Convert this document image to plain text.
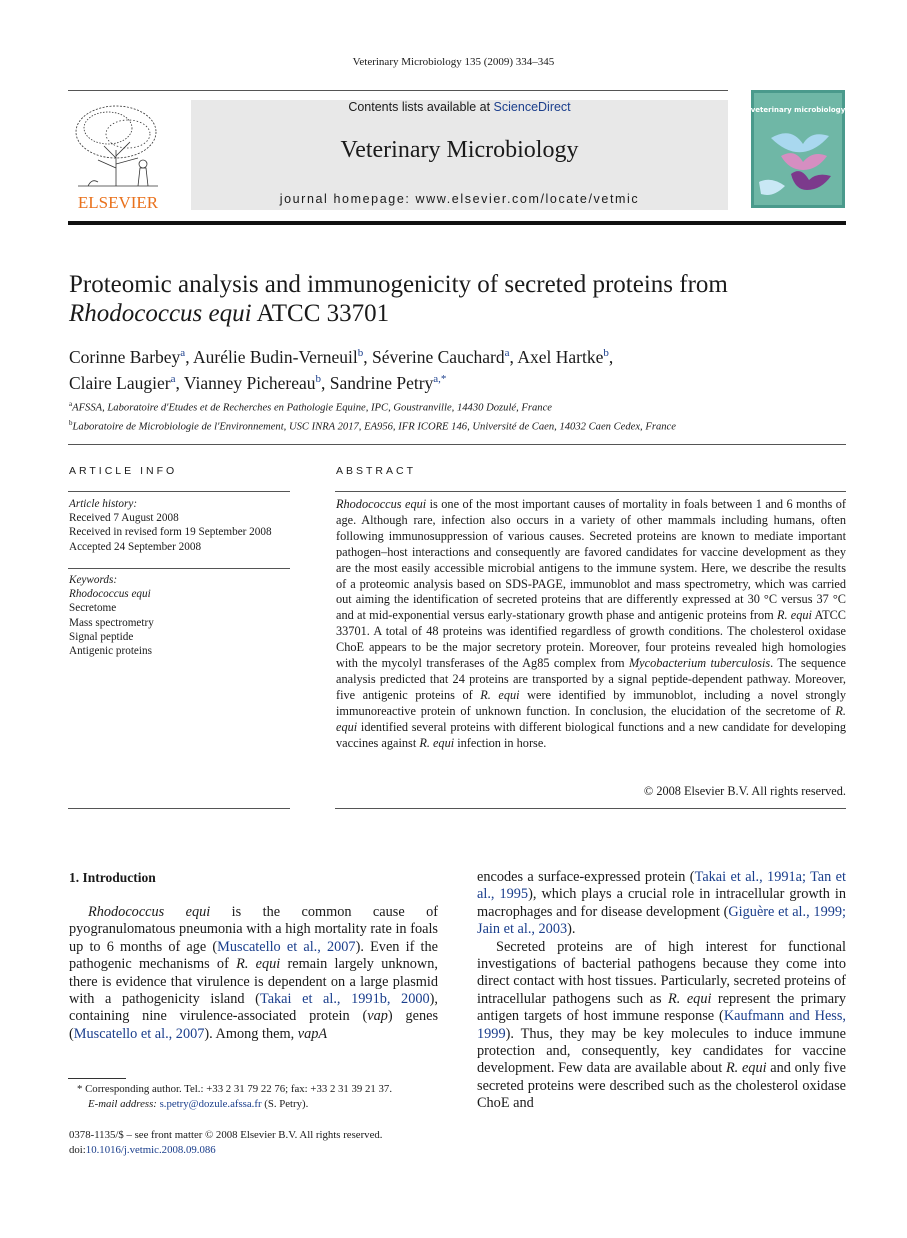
Veterinary Microbiology 135 (2009) 334–345
ELSEVIER
Contents lists available at ScienceDirect
Veterinary Microbiology
journal homepage: www.elsevier.com/locate/vetmic
veterinary microbiology
Proteomic analysis and immunogenicity of secreted proteins from
Rhodococcus equi ATCC 33701
Corinne Barbey$^a$, Aurélie Budin-Verneuil$^b$, Séverine Cauchard$^a$, Axel Hartke$^b$,
Claire Laugier$^a$, Vianney Pichereau$^b$, Sandrine Petry$^{a,*}$
$^a$AFSSA, Laboratoire d'Etudes et de Recherches en Pathologie Equine, IPC, Goustranville, 14430 Dozulé, France
$^b$Laboratoire de Microbiologie de l'Environnement, USC INRA 2017, EA956, IFR ICORE 146, Université de Caen, 14032 Caen Cedex, France
ARTICLE INFO
Article history:
Received 7 August 2008
Received in revised form 19 September 2008
Accepted 24 September 2008
Keywords:
Rhodococcus equi
Secretome
Mass spectrometry
Signal peptide
Antigenic proteins
ABSTRACT
Rhodococcus equi is one of the most important causes of mortality in foals between 1 and 6 months of age. Although rare, infection also occurs in a variety of other mammals including humans, often following immunosuppression of various causes. Secreted proteins are known to mediate important pathogen–host interactions and consequently are favored candidates for vaccine development as they are the most easily accessible microbial antigens to the immune system. Here, we describe the results of a proteomic analysis based on SDS-PAGE, immunoblot and mass spectrometry, which was carried out aiming the identification of secreted proteins that are differently expressed at 30 °C versus 37 °C and at mid-exponential versus early-stationary growth phase and antigenic proteins from R. equi ATCC 33701. A total of 48 proteins was identified regardless of growth conditions. The cholesterol oxidase ChoE appears to be the major secretory protein. Moreover, four proteins revealed high homologies with the mycolyl transferases of the Ag85 complex from Mycobacterium tuberculosis. The sequence analysis predicted that 24 proteins are transported by a signal peptide-dependent pathway. Moreover, five antigenic proteins of R. equi were identified by immunoblot, including a novel strongly immunoreactive protein of unknown function. In conclusion, the elucidation of the secretome of R. equi identified several proteins with different biological functions and a new candidate for developing vaccines against R. equi infection in horse.
© 2008 Elsevier B.V. All rights reserved.
1. Introduction

Rhodococcus equi is the common cause of pyogranulomatous pneumonia with a high mortality rate in foals up to 6 months of age (Muscatello et al., 2007). Even if the pathogenic mechanisms of R. equi remain largely unknown, there is evidence that virulence is dependent on a large plasmid with a pathogenicity island (Takai et al., 1991b, 2000), containing nine virulence-associated protein (vap) genes (Muscatello et al., 2007). Among them, vapA

encodes a surface-expressed protein (Takai et al., 1991a; Tan et al., 1995), which plays a crucial role in intracellular growth in macrophages and for disease development (Giguère et al., 1999; Jain et al., 2003).

Secreted proteins are of high interest for functional investigations of bacterial pathogens because they come into direct contact with host tissues. Particularly, secreted proteins of intracellular pathogens such as R. equi represent the primary antigen targets of host immune response (Kaufmann and Hess, 1999). Thus, they may be key molecules to induce immune protection and, consequently, key candidates for vaccine development. Few data are available about R. equi and only five secreted proteins were described such as the cholesterol oxidase ChoE and

* Corresponding author. Tel.: +33 2 31 79 22 76; fax: +33 2 31 39 21 37.
E-mail address: s.petry@dozule.afssa.fr (S. Petry).
0378-1135/$ – see front matter © 2008 Elsevier B.V. All rights reserved.
doi:10.1016/j.vetmic.2008.09.086
